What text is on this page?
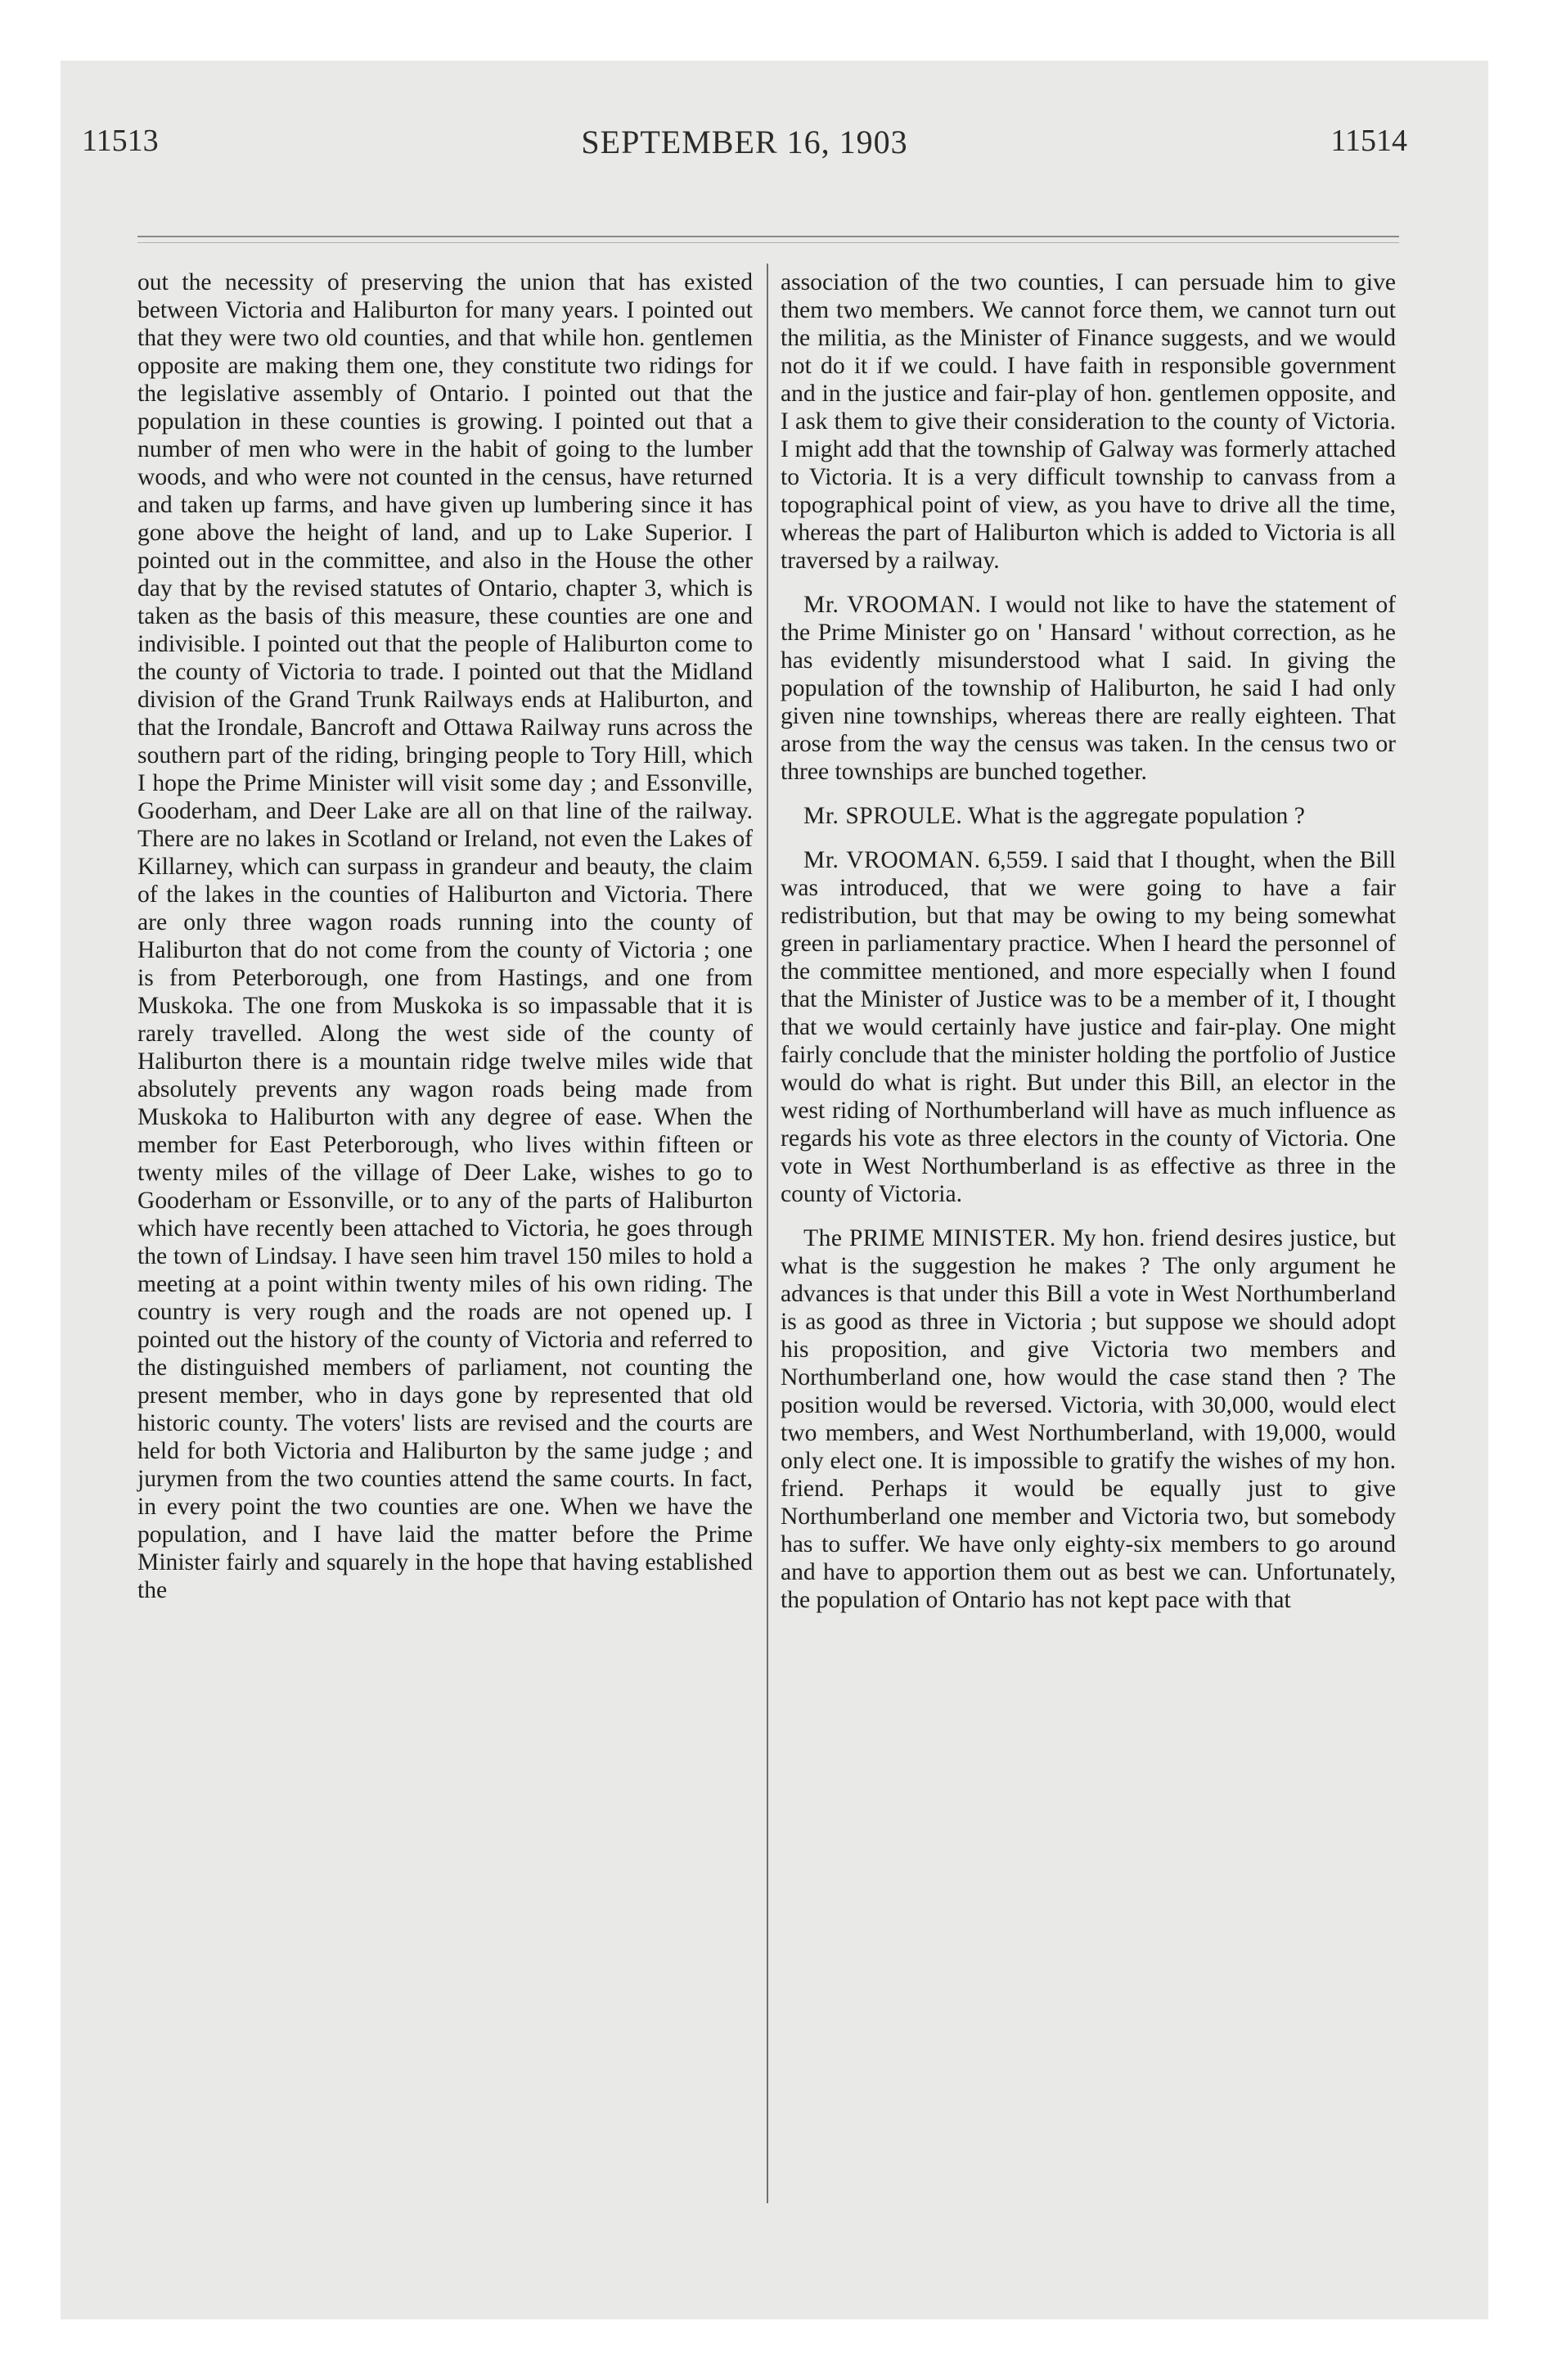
11513	SEPTEMBER 16, 1903	11514

out the necessity of preserving the union that has existed between Victoria and Haliburton for many years. I pointed out that they were two old counties, and that while hon. gentlemen opposite are making them one, they constitute two ridings for the legislative assembly of Ontario. I pointed out that the population in these counties is growing. I pointed out that a number of men who were in the habit of going to the lumber woods, and who were not counted in the census, have returned and taken up farms, and have given up lumbering since it has gone above the height of land, and up to Lake Superior. I pointed out in the committee, and also in the House the other day that by the revised statutes of Ontario, chapter 3, which is taken as the basis of this measure, these counties are one and indivisible. I pointed out that the people of Haliburton come to the county of Victoria to trade. I pointed out that the Midland division of the Grand Trunk Railways ends at Haliburton, and that the Irondale, Bancroft and Ottawa Railway runs across the southern part of the riding, bringing people to Tory Hill, which I hope the Prime Minister will visit some day ; and Essonville, Gooderham, and Deer Lake are all on that line of the railway. There are no lakes in Scotland or Ireland, not even the Lakes of Killarney, which can surpass in grandeur and beauty, the claim of the lakes in the counties of Haliburton and Victoria. There are only three wagon roads running into the county of Haliburton that do not come from the county of Victoria ; one is from Peterborough, one from Hastings, and one from Muskoka. The one from Muskoka is so impassable that it is rarely travelled. Along the west side of the county of Haliburton there is a mountain ridge twelve miles wide that absolutely prevents any wagon roads being made from Muskoka to Haliburton with any degree of ease. When the member for East Peterborough, who lives within fifteen or twenty miles of the village of Deer Lake, wishes to go to Gooderham or Essonville, or to any of the parts of Haliburton which have recently been attached to Victoria, he goes through the town of Lindsay. I have seen him travel 150 miles to hold a meeting at a point within twenty miles of his own riding. The country is very rough and the roads are not opened up. I pointed out the history of the county of Victoria and referred to the distinguished members of parliament, not counting the present member, who in days gone by represented that old historic county. The voters' lists are revised and the courts are held for both Victoria and Haliburton by the same judge ; and jurymen from the two counties attend the same courts. In fact, in every point the two counties are one. When we have the population, and I have laid the matter before the Prime Minister fairly and squarely in the hope that having established the

association of the two counties, I can persuade him to give them two members. We cannot force them, we cannot turn out the militia, as the Minister of Finance suggests, and we would not do it if we could. I have faith in responsible government and in the justice and fair-play of hon. gentlemen opposite, and I ask them to give their consideration to the county of Victoria. I might add that the township of Galway was formerly attached to Victoria. It is a very difficult township to canvass from a topographical point of view, as you have to drive all the time, whereas the part of Haliburton which is added to Victoria is all traversed by a railway.

Mr. VROOMAN. I would not like to have the statement of the Prime Minister go on ' Hansard ' without correction, as he has evidently misunderstood what I said. In giving the population of the township of Haliburton, he said I had only given nine townships, whereas there are really eighteen. That arose from the way the census was taken. In the census two or three townships are bunched together.

Mr. SPROULE. What is the aggregate population ?

Mr. VROOMAN. 6,559. I said that I thought, when the Bill was introduced, that we were going to have a fair redistribution, but that may be owing to my being somewhat green in parliamentary practice. When I heard the personnel of the committee mentioned, and more especially when I found that the Minister of Justice was to be a member of it, I thought that we would certainly have justice and fair-play. One might fairly conclude that the minister holding the portfolio of Justice would do what is right. But under this Bill, an elector in the west riding of Northumberland will have as much influence as regards his vote as three electors in the county of Victoria. One vote in West Northumberland is as effective as three in the county of Victoria.

The PRIME MINISTER. My hon. friend desires justice, but what is the suggestion he makes ? The only argument he advances is that under this Bill a vote in West Northumberland is as good as three in Victoria ; but suppose we should adopt his proposition, and give Victoria two members and Northumberland one, how would the case stand then ? The position would be reversed. Victoria, with 30,000, would elect two members, and West Northumberland, with 19,000, would only elect one. It is impossible to gratify the wishes of my hon. friend. Perhaps it would be equally just to give Northumberland one member and Victoria two, but somebody has to suffer. We have only eighty-six members to go around and have to apportion them out as best we can. Unfortunately, the population of Ontario has not kept pace with that
